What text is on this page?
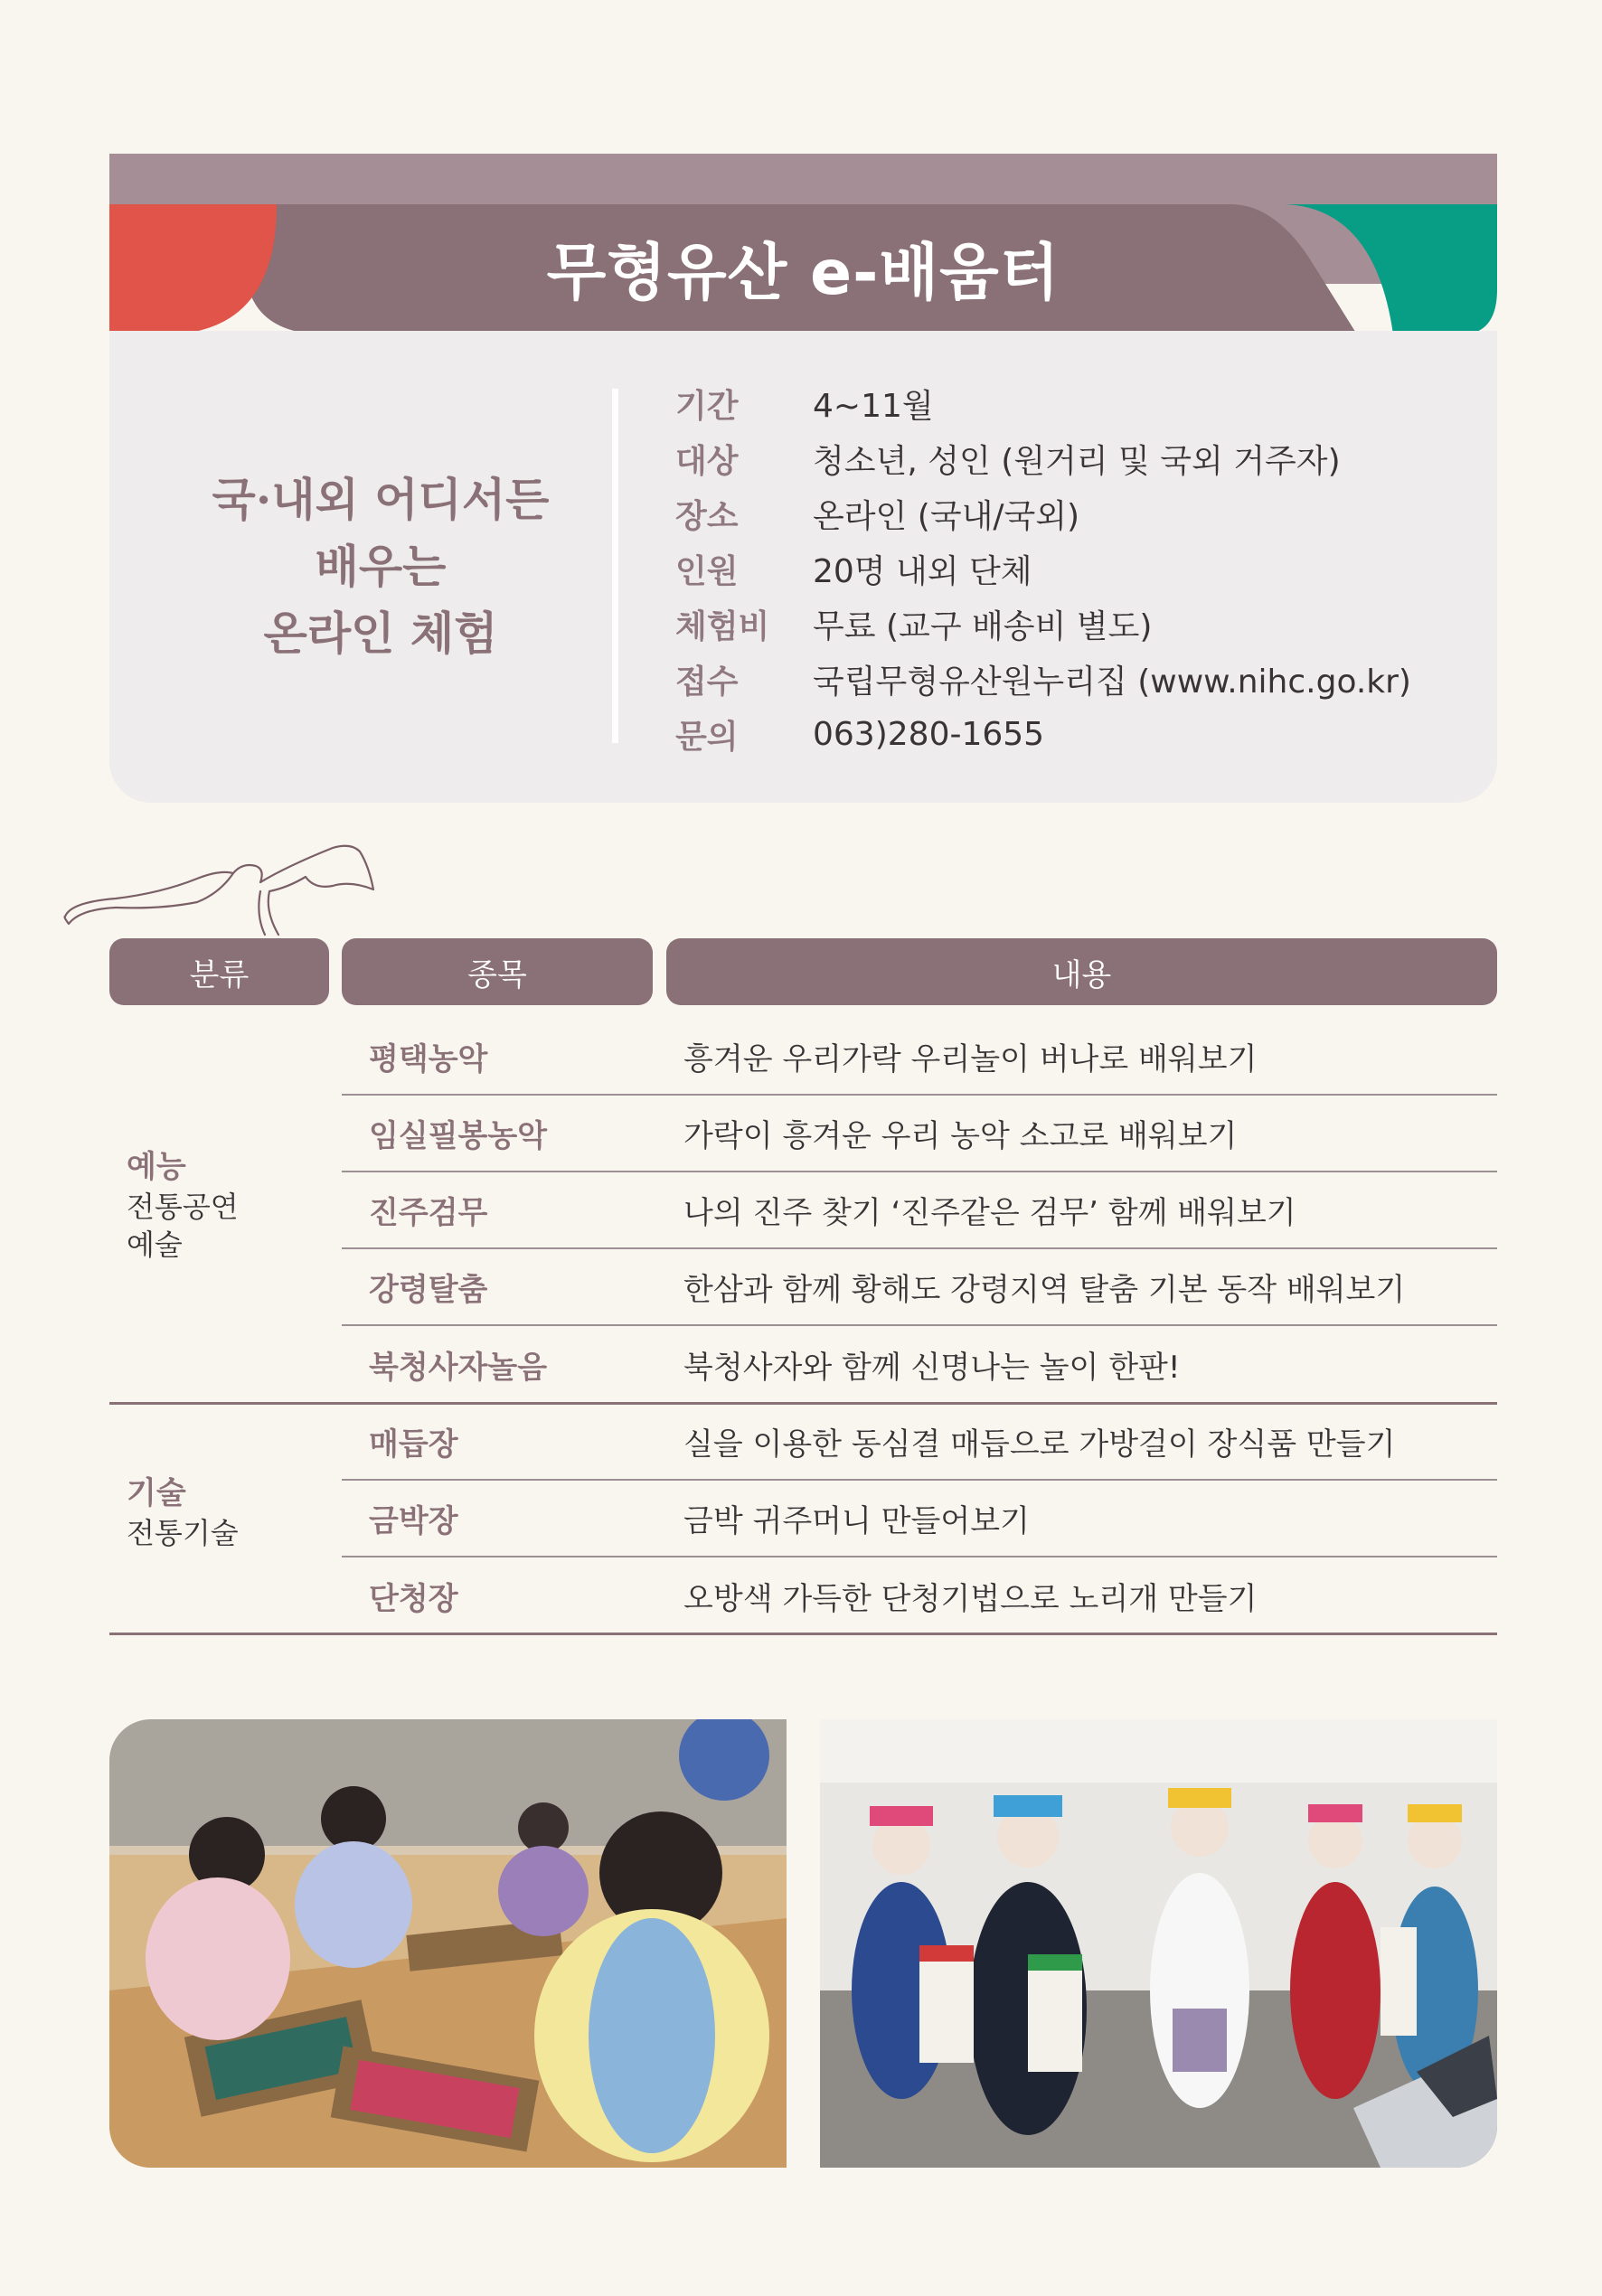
무형유산 e-배움터
국·내외 어디서든
배우는
온라인 체험
기간	4~11월
대상	청소년, 성인 (원거리 및 국외 거주자)
장소	온라인 (국내/국외)
인원	20명 내외 단체
체험비	무료 (교구 배송비 별도)
접수	국립무형유산원누리집 (www.nihc.go.kr)
문의	063)280-1655
분류	종목	내용
예능
전통공연
예술
평택농악	흥겨운 우리가락 우리놀이 버나로 배워보기
임실필봉농악	가락이 흥겨운 우리 농악 소고로 배워보기
진주검무	나의 진주 찾기 ‘진주같은 검무’ 함께 배워보기
강령탈춤	한삼과 함께 황해도 강령지역 탈춤 기본 동작 배워보기
북청사자놀음	북청사자와 함께 신명나는 놀이 한판!
기술
전통기술
매듭장	실을 이용한 동심결 매듭으로 가방걸이 장식품 만들기
금박장	금박 귀주머니 만들어보기
단청장	오방색 가득한 단청기법으로 노리개 만들기
